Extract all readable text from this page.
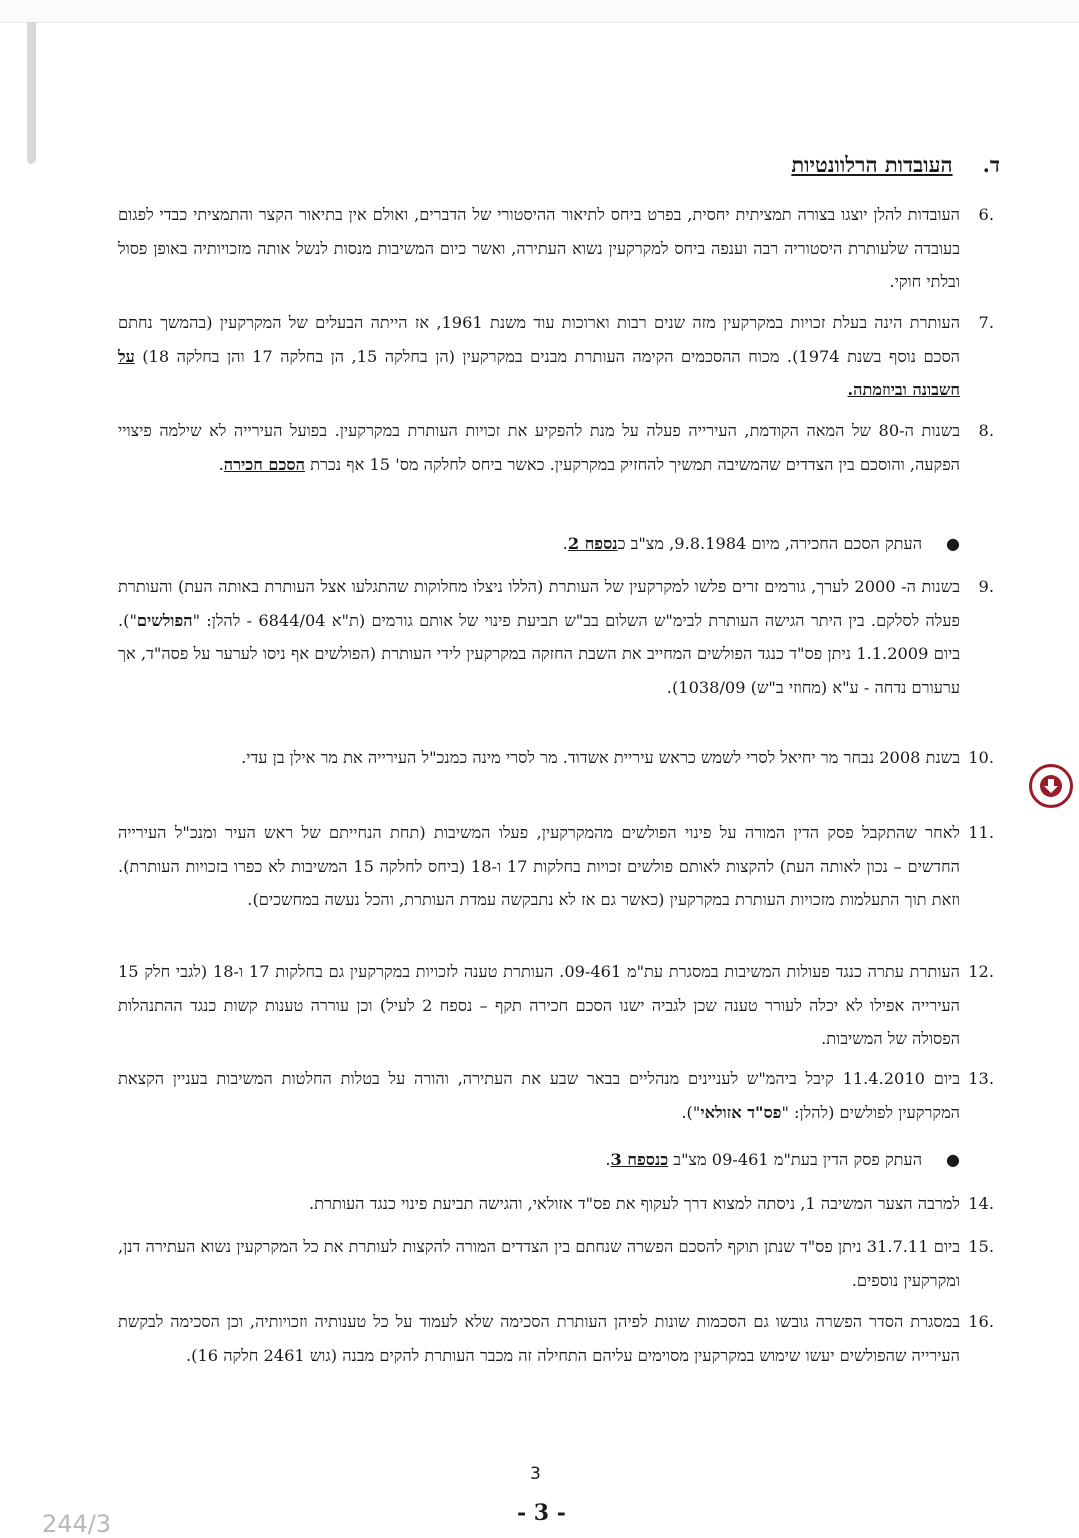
ד.
העובדות הרלוונטיות
.6
העובדות להלן יוצגו בצורה תמציתית יחסית, בפרט ביחס לתיאור ההיסטורי של הדברים, ואולם אין בתיאור הקצר והתמציתי כבדי לפגום בעובדה שלעותרת היסטוריה רבה וענפה ביחס למקרקעין נשוא העתירה, ואשר כיום המשיבות מנסות לנשל אותה מזכויותיה באופן פסול ובלתי חוקי.
.7
העותרת הינה בעלת זכויות במקרקעין מזה שנים רבות וארוכות עוד משנת 1961, אז הייתה הבעלים של המקרקעין (בהמשך נחתם הסכם נוסף בשנת 1974). מכוח ההסכמים הקימה העותרת מבנים במקרקעין (הן בחלקה 15, הן בחלקה 17 והן בחלקה 18) על חשבונה וביוזמתה.
.8
בשנות ה-80 של המאה הקודמת, העירייה פעלה על מנת להפקיע את זכויות העותרת במקרקעין. בפועל העירייה לא שילמה פיצויי הפקעה, והוסכם בין הצדדים שהמשיבה תמשיך להחזיק במקרקעין. כאשר ביחס לחלקה מס' 15 אף נכרת הסכם חכירה.
●
העתק הסכם החכירה, מיום 9.8.1984, מצ"ב כנספח 2.
.9
בשנות ה- 2000 לערך, גורמים זרים פלשו למקרקעין של העותרת (הללו ניצלו מחלוקות שהתגלעו אצל העותרת באותה העת) והעותרת פעלה לסלקם. בין היתר הגישה העותרת לבימ"ש השלום בב"ש תביעת פינוי של אותם גורמים (ת"א 6844/04 - להלן: "הפולשים"). ביום 1.1.2009 ניתן פס"ד כנגד הפולשים המחייב את השבת החזקה במקרקעין לידי העותרת (הפולשים אף ניסו לערער על פסה"ד, אך ערעורם נדחה - ע"א (מחוזי ב"ש) 1038/09).
.10
בשנת 2008 נבחר מר יחיאל לסרי לשמש כראש עיריית אשדוד. מר לסרי מינה כמנכ"ל העירייה את מר אילן בן עדי.
.11
לאחר שהתקבל פסק הדין המורה על פינוי הפולשים מהמקרקעין, פעלו המשיבות (תחת הנחייתם של ראש העיר ומנכ"ל העירייה החדשים – נכון לאותה העת) להקצות לאותם פולשים זכויות בחלקות 17 ו-18 (ביחס לחלקה 15 המשיבות לא כפרו בזכויות העותרת). וזאת תוך התעלמות מזכויות העותרת במקרקעין (כאשר גם אז לא נתבקשה עמדת העותרת, והכל נעשה במחשכים).
.12
העותרת עתרה כנגד פעולות המשיבות במסגרת עת"מ 09-461. העותרת טענה לזכויות במקרקעין גם בחלקות 17 ו-18 (לגבי חלק 15 העירייה אפילו לא יכלה לעורר טענה שכן לגביה ישנו הסכם חכירה תקף – נספח 2 לעיל) וכן עוררה טענות קשות כנגד ההתנהלות הפסולה של המשיבות.
.13
ביום 11.4.2010 קיבל ביהמ"ש לעניינים מנהליים בבאר שבע את העתירה, והורה על בטלות החלטות המשיבות בעניין הקצאת המקרקעין לפולשים (להלן: "פס"ד אזולאי").
●
העתק פסק הדין בעת"מ 09-461 מצ"ב כנספח 3.
.14
למרבה הצער המשיבה 1, ניסתה למצוא דרך לעקוף את פס"ד אזולאי, והגישה תביעת פינוי כנגד העותרת.
.15
ביום 31.7.11 ניתן פס"ד שנתן תוקף להסכם הפשרה שנחתם בין הצדדים המורה להקצות לעותרת את כל המקרקעין נשוא העתירה דנן, ומקרקעין נוספים.
.16
במסגרת הסדר הפשרה גובשו גם הסכמות שונות לפיהן העותרת הסכימה שלא לעמוד על כל טענותיה וזכויותיה, וכן הסכימה לבקשת העירייה שהפולשים יעשו שימוש במקרקעין מסוימים עליהם התחילה זה מכבר העותרת להקים מבנה (גוש 2461 חלקה 16).
3
- 3 -
244/3
